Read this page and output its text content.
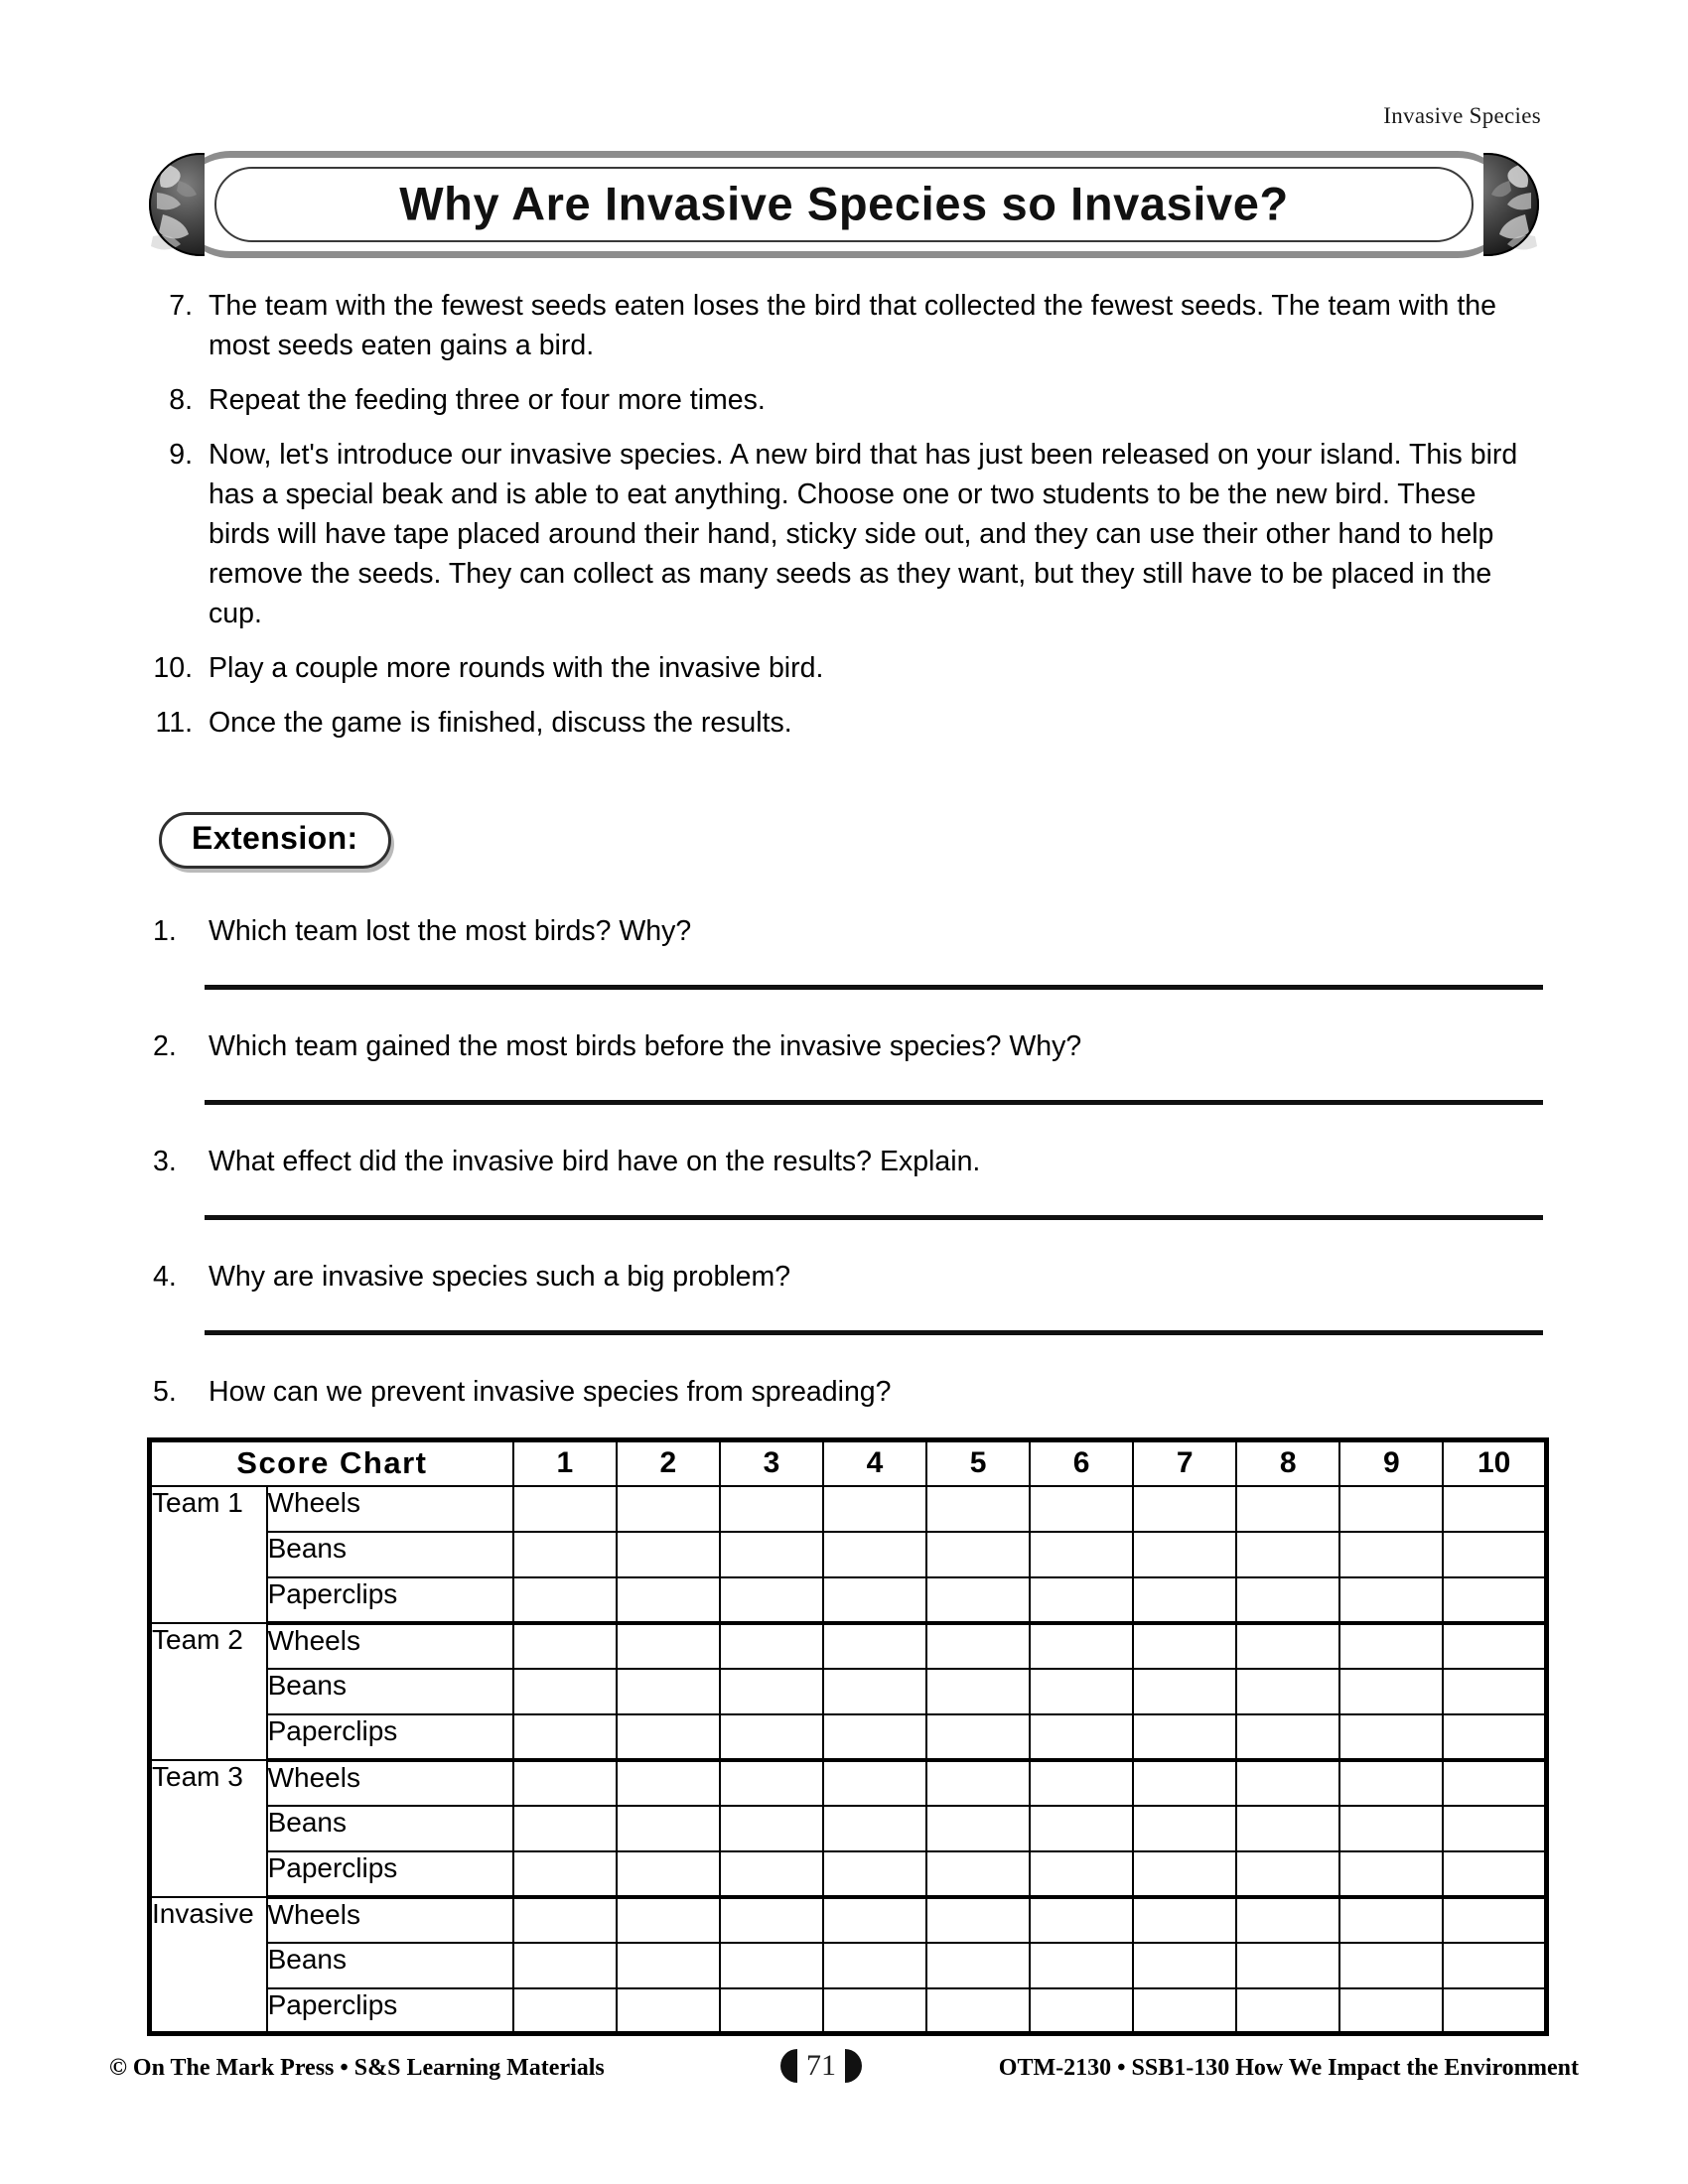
Invasive Species
Why Are Invasive Species so Invasive?
7. The team with the fewest seeds eaten loses the bird that collected the fewest seeds. The team with the most seeds eaten gains a bird.
8. Repeat the feeding three or four more times.
9. Now, let's introduce our invasive species. A new bird that has just been released on your island. This bird has a special beak and is able to eat anything. Choose one or two students to be the new bird. These birds will have tape placed around their hand, sticky side out, and they can use their other hand to help remove the seeds. They can collect as many seeds as they want, but they still have to be placed in the cup.
10. Play a couple more rounds with the invasive bird.
11. Once the game is finished, discuss the results.
Extension:
1.	Which team lost the most birds? Why?
2.	Which team gained the most birds before the invasive species? Why?
3.	What effect did the invasive bird have on the results? Explain.
4.	Why are invasive species such a big problem?
5.	How can we prevent invasive species from spreading?
Score Chart		1	2	3	4	5	6	7	8	9	10
Team 1	Wheels										
	Beans										
	Paperclips										
Team 2	Wheels										
	Beans										
	Paperclips										
Team 3	Wheels										
	Beans										
	Paperclips										
Invasive	Wheels										
	Beans										
	Paperclips										
© On The Mark Press • S&S Learning Materials	71	OTM-2130 • SSB1-130 How We Impact the Environment
